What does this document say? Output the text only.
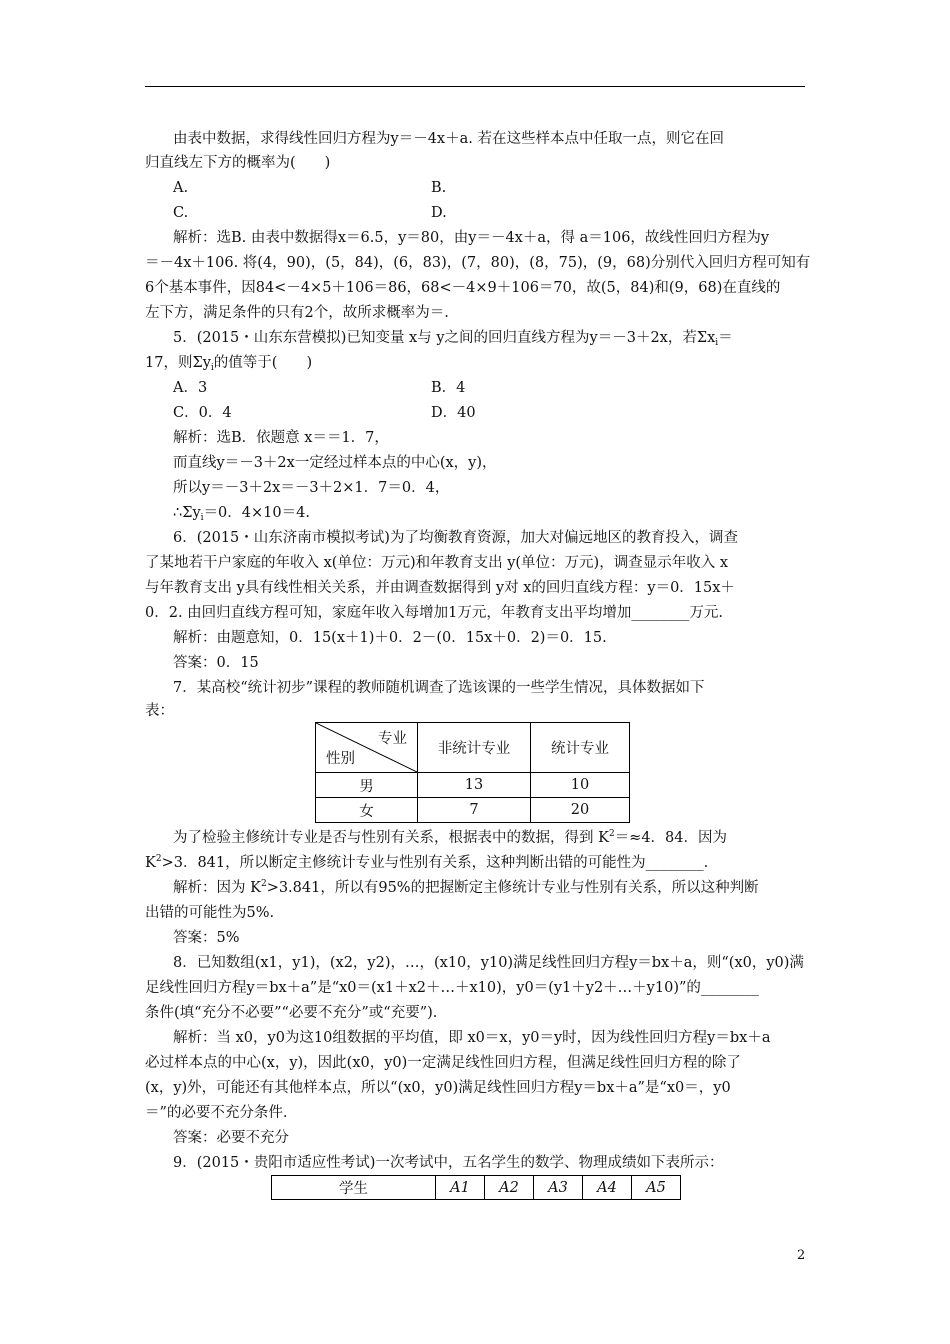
由表中数据，求得线性回归方程为y＝－4x＋a. 若在这些样本点中任取一点，则它在回
归直线左下方的概率为(　　)
A.	B.
C.	D.
解析：选B. 由表中数据得x＝6.5，y＝80，由y＝－4x＋a，得 a＝106，故线性回归方程为y
＝－4x＋106. 将(4，90)，(5，84)，(6，83)，(7，80)，(8，75)，(9，68)分别代入回归方程可知有
6个基本事件，因84<－4×5＋106＝86，68<－4×9＋106＝70，故(5，84)和(9，68)在直线的
左下方，满足条件的只有2个，故所求概率为＝.
5．(2015・山东东营模拟)已知变量 x与 y之间的回归直线方程为y＝－3＋2x，若$\Sigma x_i=$
17，则$\Sigma y_i$的值等于(　　)
A．3	B．4
C．0．4	D．40
解析：选B．依题意 x＝＝1．7，
而直线y＝－3＋2x一定经过样本点的中心(x，y)，
所以y＝－3＋2x＝－3＋2×1．7＝0．4，
$\therefore\Sigma y_i=0$．4×10＝4.
6．(2015・山东济南市模拟考试)为了均衡教育资源，加大对偏远地区的教育投入，调查
了某地若干户家庭的年收入 x(单位：万元)和年教育支出 y(单位：万元)，调查显示年收入 x
与年教育支出 y具有线性相关关系，并由调查数据得到 y对 x的回归直线方程：y＝0．15x＋
0．2. 由回归直线方程可知，家庭年收入每增加1万元，年教育支出平均增加________万元.
解析：由题意知，0．15(x＋1)＋0．2－(0．15x＋0．2)＝0．15.
答案：0．15
7．某高校“统计初步”课程的教师随机调查了选该课的一些学生情况，具体数据如下
表：
专业
性别	非统计专业	统计专业
男	13	10
女	7	20
为了检验主修统计专业是否与性别有关系，根据表中的数据，得到 $K^2=\approx 4$．84．因为
$K^2>3$．841，所以断定主修统计专业与性别有关系，这种判断出错的可能性为________.
解析：因为 $K^2>3.841$，所以有95%的把握断定主修统计专业与性别有关系，所以这种判断
出错的可能性为5%.
答案：5%
8．已知数组(x1，y1)，(x2，y2)，…，(x10，y10)满足线性回归方程y＝bx＋a，则“(x0，y0)满
足线性回归方程y＝bx＋a”是“x0＝(x1＋x2＋…＋x10)，y0＝(y1＋y2＋…＋y10)”的________
条件(填“充分不必要”“必要不充分”或“充要”).
解析：当 x0，y0为这10组数据的平均值，即 x0＝x，y0＝y时，因为线性回归方程y＝bx＋a
必过样本点的中心(x，y)，因此(x0，y0)一定满足线性回归方程，但满足线性回归方程的除了
(x，y)外，可能还有其他样本点，所以“(x0，y0)满足线性回归方程y＝bx＋a”是“x0＝，y0
＝”的必要不充分条件.
答案：必要不充分
9．(2015・贵阳市适应性考试)一次考试中，五名学生的数学、物理成绩如下表所示：
学生	A1	A2	A3	A4	A5
2
